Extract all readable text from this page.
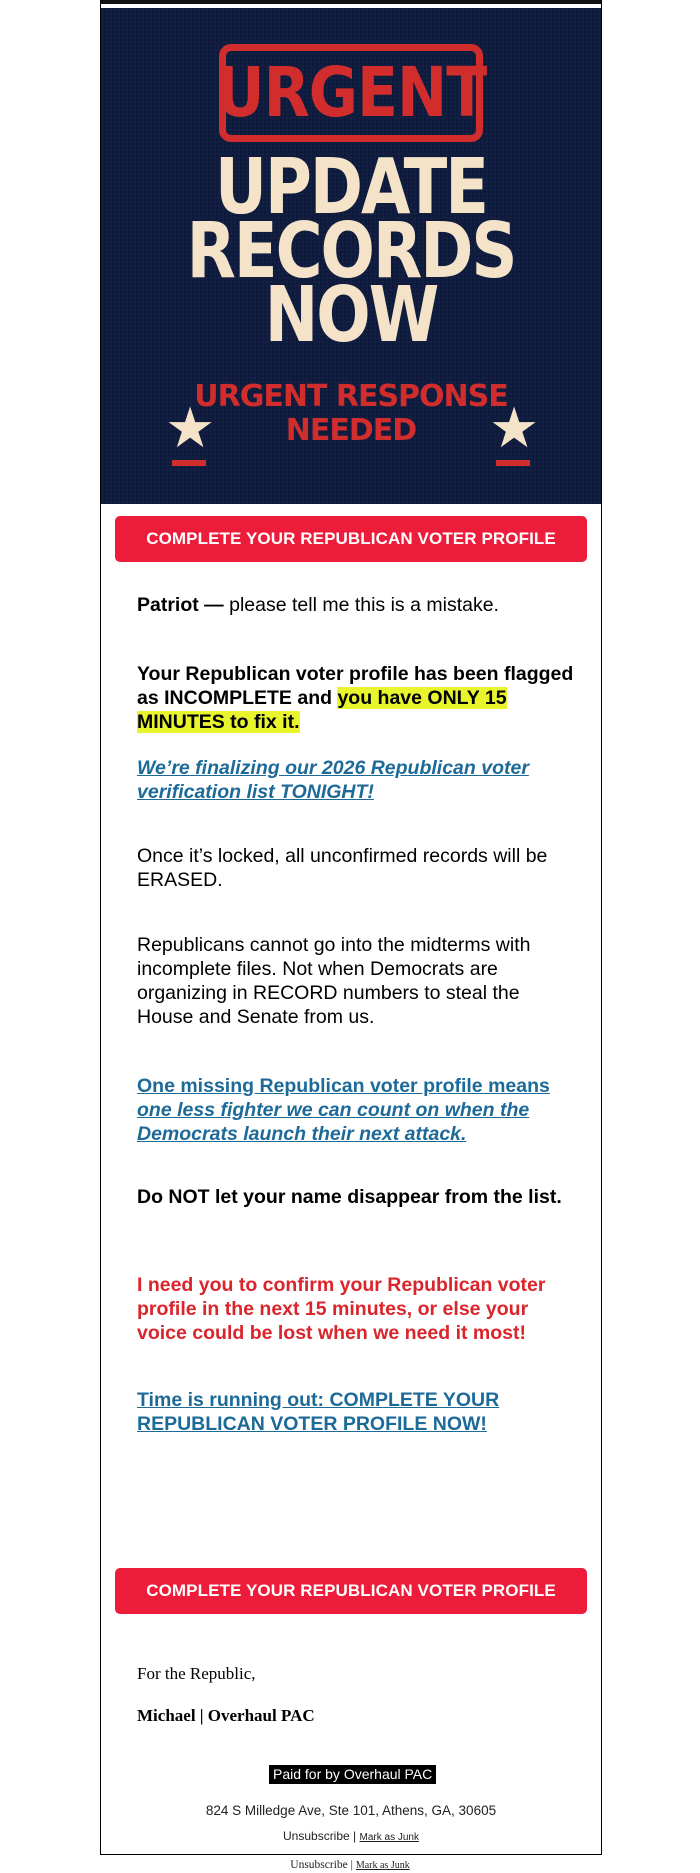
URGENT
UPDATE
RECORDS
NOW
URGENT RESPONSE
NEEDED
★	★
COMPLETE YOUR REPUBLICAN VOTER PROFILE
Patriot — please tell me this is a mistake.
Your Republican voter profile has been flagged as INCOMPLETE and you have ONLY 15 MINUTES to fix it.
We’re finalizing our 2026 Republican voter verification list TONIGHT!
Once it’s locked, all unconfirmed records will be ERASED.
Republicans cannot go into the midterms with incomplete files. Not when Democrats are organizing in RECORD numbers to steal the House and Senate from us.
One missing Republican voter profile means one less fighter we can count on when the Democrats launch their next attack.
Do NOT let your name disappear from the list.
I need you to confirm your Republican voter profile in the next 15 minutes, or else your voice could be lost when we need it most!
Time is running out: COMPLETE YOUR REPUBLICAN VOTER PROFILE NOW!
COMPLETE YOUR REPUBLICAN VOTER PROFILE
For the Republic,
Michael | Overhaul PAC
Paid for by Overhaul PAC
824 S Milledge Ave, Ste 101, Athens, GA, 30605
Unsubscribe | Mark as Junk
Unsubscribe | Mark as Junk
